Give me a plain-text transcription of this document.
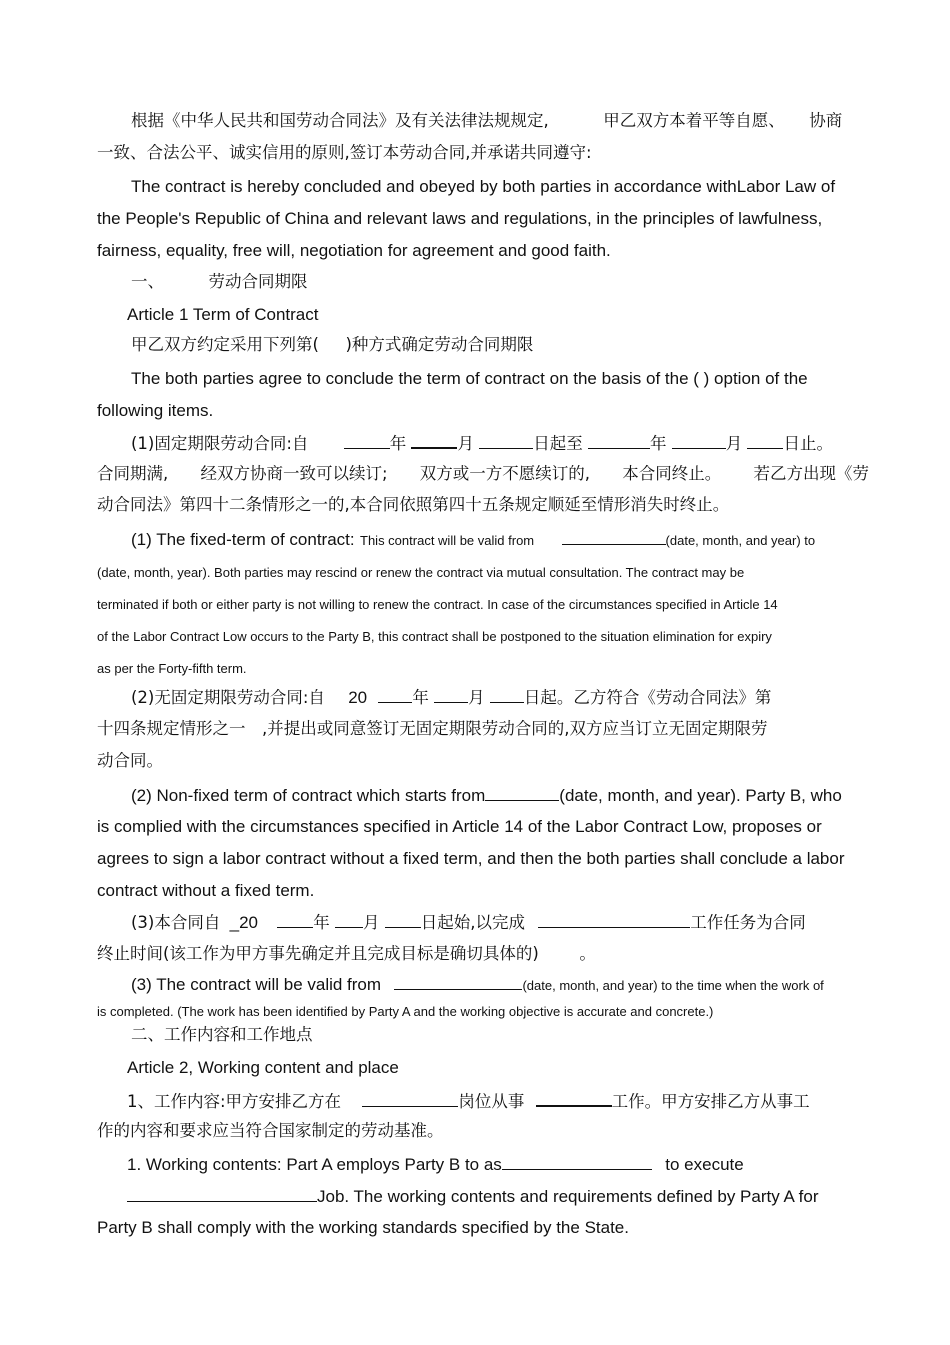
根据《中华人民共和国劳动合同法》及有关法律法规规定,	甲乙双方本着平等自愿、 协商
一致、合法公平、诚实信用的原则,签订本劳动合同,并承诺共同遵守:
The contract is hereby concluded and obeyed by both parties in accordance withLabor Law of
the People's Republic of China and relevant laws and regulations, in the principles of lawfulness,
fairness, equality, free will, negotiation for agreement and good faith.
一、	劳动合同期限
Article 1 Term of Contract
甲乙双方约定采用下列第( )种方式确定劳动合同期限
The both parties agree to conclude the term of contract on the basis of the ( ) option of the
following items.
(1)固定期限劳动合同:自	年	月	日起至	年	月	日止。
合同期满, 经双方协商一致可以续订; 双方或一方不愿续订的, 本合同终止。 若乙方出现《劳
动合同法》第四十二条情形之一的,本合同依照第四十五条规定顺延至情形消失时终止。
(1) The fixed-term of contract: This contract will be valid from	(date, month, and year) to
(date, month, year). Both parties may rescind or renew the contract via mutual consultation. The contract may be
terminated if both or either party is not willing to renew the contract. In case of the circumstances specified in Article 14
of the Labor Contract Low occurs to the Party B, this contract shall be postponed to the situation elimination for expiry
as per the Forty-fifth term.
(2)无固定期限劳动合同:自 20	年 月 日起。乙方符合《劳动合同法》第
十四条规定情形之一 ,并提出或同意签订无固定期限劳动合同的,双方应当订立无固定期限劳
动合同。
(2) Non-fixed term of contract which starts from	(date, month, and year). Party B, who
is complied with the circumstances specified in Article 14 of the Labor Contract Low, proposes or
agrees to sign a labor contract without a fixed term, and then the both parties shall conclude a labor
contract without a fixed term.
(3)本合同自 _20	年 月	日起始,以完成	工作任务为合同
终止时间(该工作为甲方事先确定并且完成目标是确切具体的) 。
(3) The contract will be valid from	(date, month, and year) to the time when the work of
is completed. (The work has been identified by Party A and the working objective is accurate and concrete.)
二、工作内容和工作地点
Article 2, Working content and place
1、工作内容:甲方安排乙方在	岗位从事	工作。甲方安排乙方从事工
作的内容和要求应当符合国家制定的劳动基准。
1. Working contents: Part A employs Party B to as	to execute
Job. The working contents and requirements defined by Party A for
Party B shall comply with the working standards specified by the State.
